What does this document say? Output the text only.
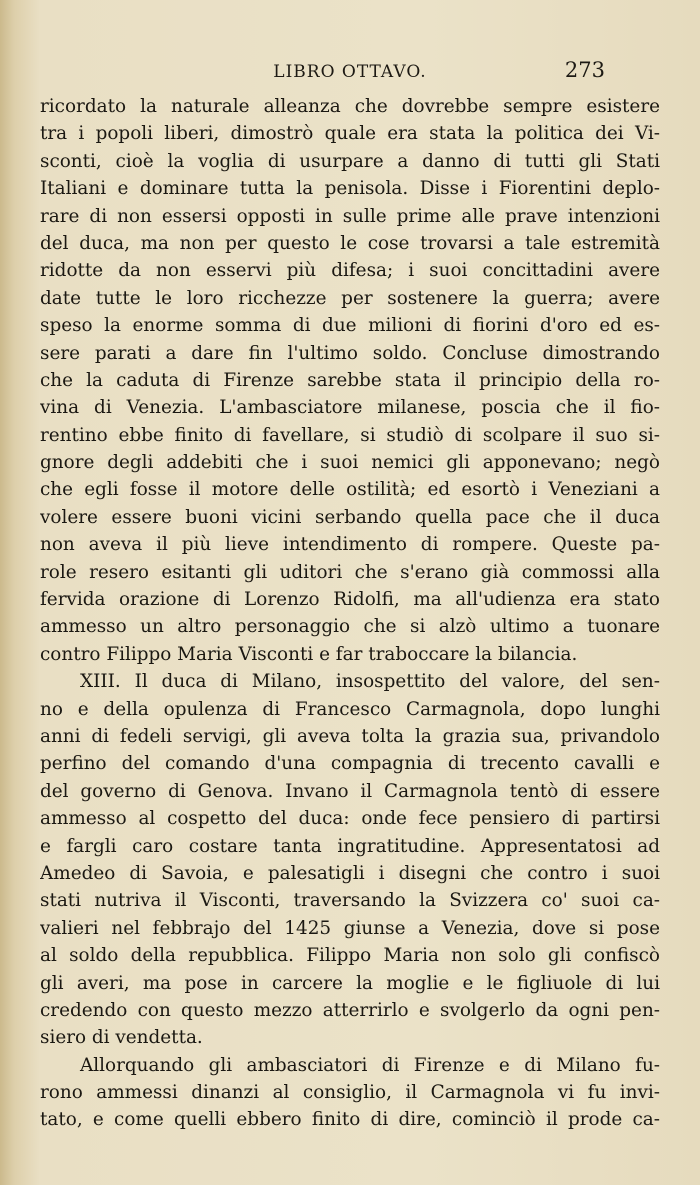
LIBRO OTTAVO.	273
ricordato la naturale alleanza che dovrebbe sempre esistere
tra i popoli liberi, dimostrò quale era stata la politica dei Vi-
sconti, cioè la voglia di usurpare a danno di tutti gli Stati
Italiani e dominare tutta la penisola. Disse i Fiorentini deplo-
rare di non essersi opposti in sulle prime alle prave intenzioni
del duca, ma non per questo le cose trovarsi a tale estremità
ridotte da non esservi più difesa; i suoi concittadini avere
date tutte le loro ricchezze per sostenere la guerra; avere
speso la enorme somma di due milioni di fiorini d'oro ed es-
sere parati a dare fin l'ultimo soldo. Concluse dimostrando
che la caduta di Firenze sarebbe stata il principio della ro-
vina di Venezia. L'ambasciatore milanese, poscia che il fio-
rentino ebbe finito di favellare, si studiò di scolpare il suo si-
gnore degli addebiti che i suoi nemici gli apponevano; negò
che egli fosse il motore delle ostilità; ed esortò i Veneziani a
volere essere buoni vicini serbando quella pace che il duca
non aveva il più lieve intendimento di rompere. Queste pa-
role resero esitanti gli uditori che s'erano già commossi alla
fervida orazione di Lorenzo Ridolfi, ma all'udienza era stato
ammesso un altro personaggio che si alzò ultimo a tuonare
contro Filippo Maria Visconti e far traboccare la bilancia.
XIII. Il duca di Milano, insospettito del valore, del sen-
no e della opulenza di Francesco Carmagnola, dopo lunghi
anni di fedeli servigi, gli aveva tolta la grazia sua, privandolo
perfino del comando d'una compagnia di trecento cavalli e
del governo di Genova. Invano il Carmagnola tentò di essere
ammesso al cospetto del duca: onde fece pensiero di partirsi
e fargli caro costare tanta ingratitudine. Appresentatosi ad
Amedeo di Savoia, e palesatigli i disegni che contro i suoi
stati nutriva il Visconti, traversando la Svizzera co' suoi ca-
valieri nel febbrajo del 1425 giunse a Venezia, dove si pose
al soldo della repubblica. Filippo Maria non solo gli confiscò
gli averi, ma pose in carcere la moglie e le figliuole di lui
credendo con questo mezzo atterrirlo e svolgerlo da ogni pen-
siero di vendetta.
Allorquando gli ambasciatori di Firenze e di Milano fu-
rono ammessi dinanzi al consiglio, il Carmagnola vi fu invi-
tato, e come quelli ebbero finito di dire, cominciò il prode ca-
